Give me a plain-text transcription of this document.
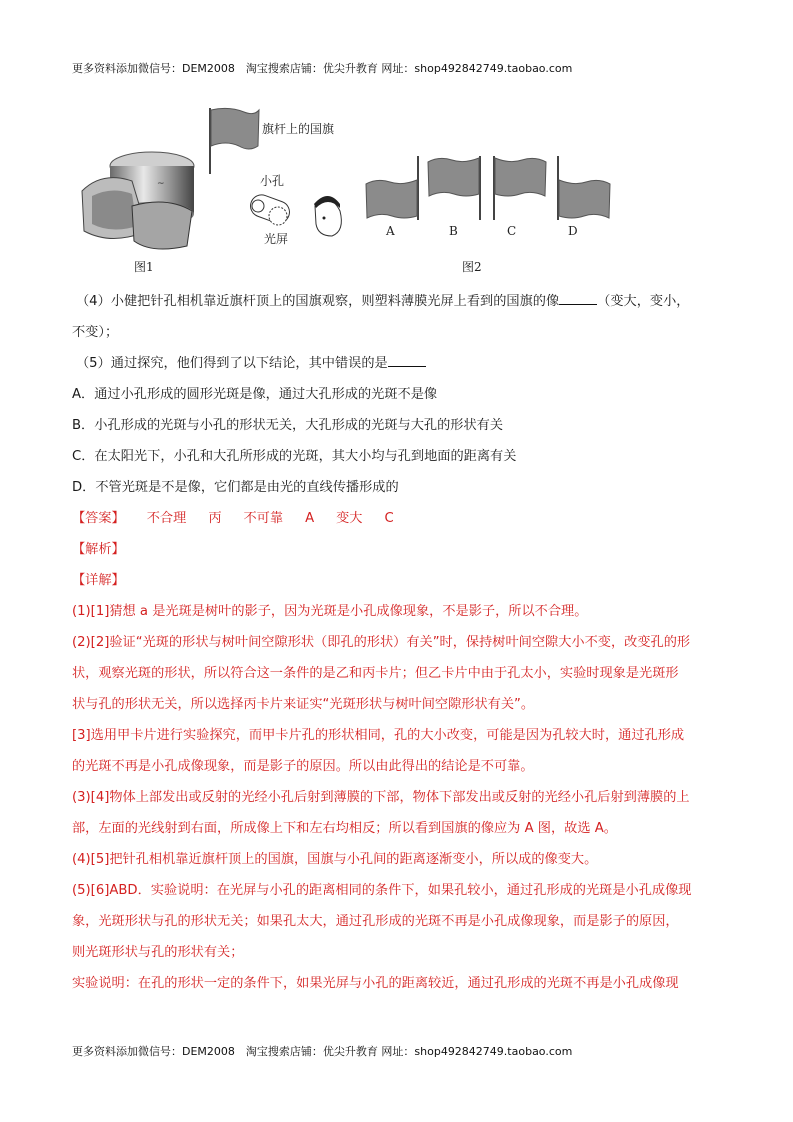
更多资料添加微信号：DEM2008　淘宝搜索店铺：优尖升教育 网址：shop492842749.taobao.com
~
旗杆上的国旗
小孔
光屏
A	B	C	D
图1	图2

（4）小健把针孔相机靠近旗杆顶上的国旗观察，则塑料薄膜光屏上看到的国旗的像	（变大，变小，

不变）；

（5）通过探究，他们得到了以下结论，其中错误的是

A．通过小孔形成的圆形光斑是像，通过大孔形成的光斑不是像

B．小孔形成的光斑与小孔的形状无关，大孔形成的光斑与大孔的形状有关

C．在太阳光下，小孔和大孔所形成的光斑，其大小均与孔到地面的距离有关

D．不管光斑是不是像，它们都是由光的直线传播形成的

【答案】 不合理 丙 不可靠 A 变大 C

【解析】

【详解】

(1)[1]猜想 a 是光斑是树叶的影子，因为光斑是小孔成像现象，不是影子，所以不合理。

(2)[2]验证“光斑的形状与树叶间空隙形状（即孔的形状）有关”时，保持树叶间空隙大小不变，改变孔的形

状，观察光斑的形状，所以符合这一条件的是乙和丙卡片；但乙卡片中由于孔太小，实验时现象是光斑形

状与孔的形状无关，所以选择丙卡片来证实“光斑形状与树叶间空隙形状有关”。

[3]选用甲卡片进行实验探究，而甲卡片孔的形状相同，孔的大小改变，可能是因为孔较大时，通过孔形成

的光斑不再是小孔成像现象，而是影子的原因。所以由此得出的结论是不可靠。

(3)[4]物体上部发出或反射的光经小孔后射到薄膜的下部，物体下部发出或反射的光经小孔后射到薄膜的上

部，左面的光线射到右面，所成像上下和左右均相反；所以看到国旗的像应为 A 图，故选 A。

(4)[5]把针孔相机靠近旗杆顶上的国旗，国旗与小孔间的距离逐渐变小，所以成的像变大。

(5)[6]ABD．实验说明：在光屏与小孔的距离相同的条件下，如果孔较小，通过孔形成的光斑是小孔成像现

象，光斑形状与孔的形状无关；如果孔太大，通过孔形成的光斑不再是小孔成像现象，而是影子的原因，

则光斑形状与孔的形状有关；

实验说明：在孔的形状一定的条件下，如果光屏与小孔的距离较近，通过孔形成的光斑不再是小孔成像现

更多资料添加微信号：DEM2008　淘宝搜索店铺：优尖升教育 网址：shop492842749.taobao.com
